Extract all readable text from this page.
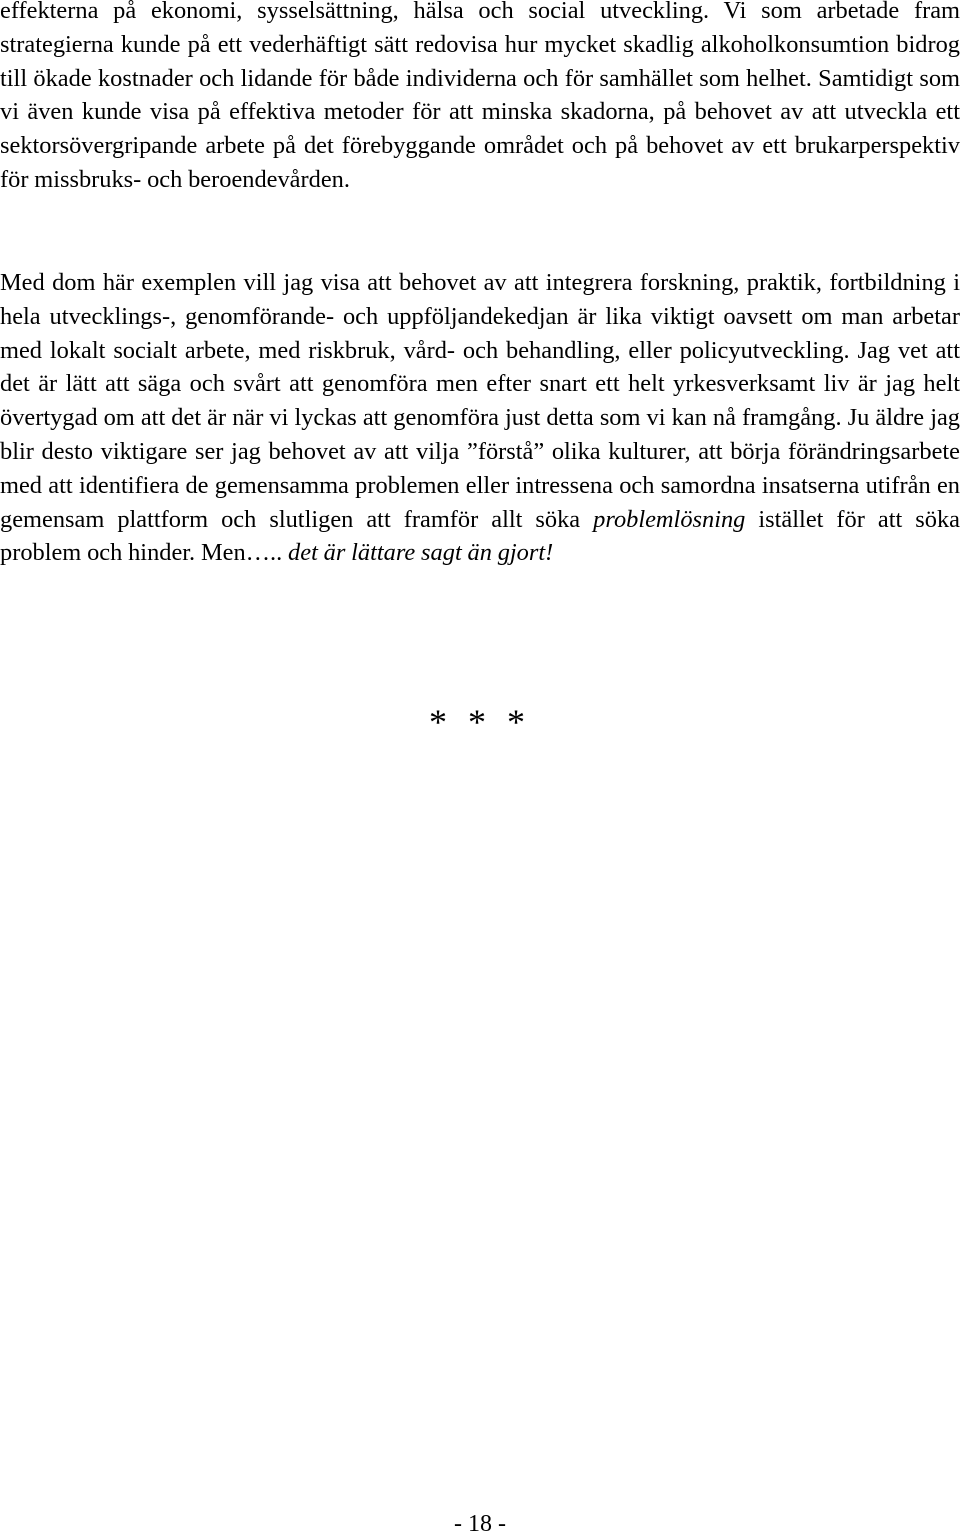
effekterna på ekonomi, sysselsättning, hälsa och social utveckling. Vi som arbetade fram strategierna kunde på ett vederhäftigt sätt redovisa hur mycket skadlig alkoholkonsumtion bidrog till ökade kostnader och lidande för både individerna och för samhället som helhet. Samtidigt som vi även kunde visa på effektiva metoder för att minska skadorna, på behovet av att utveckla ett sektorsövergripande arbete på det förebyggande området och på behovet av ett brukarperspektiv för missbruks- och beroendevården.

Med dom här exemplen vill jag visa att behovet av att integrera forskning, praktik, fortbildning i hela utvecklings-, genomförande- och uppföljandekedjan är lika viktigt oavsett om man arbetar med lokalt socialt arbete, med riskbruk, vård- och behandling, eller policyutveckling. Jag vet att det är lätt att säga och svårt att genomföra men efter snart ett helt yrkesverksamt liv är jag helt övertygad om att det är när vi lyckas att genomföra just detta som vi kan nå framgång. Ju äldre jag blir desto viktigare ser jag behovet av att vilja ”förstå” olika kulturer, att börja förändringsarbete med att identifiera de gemensamma problemen eller intressena och samordna insatserna utifrån en gemensam plattform och slutligen att framför allt söka problemlösning istället för att söka problem och hinder. Men….. det är lättare sagt än gjort!

* * *
- 18 -
